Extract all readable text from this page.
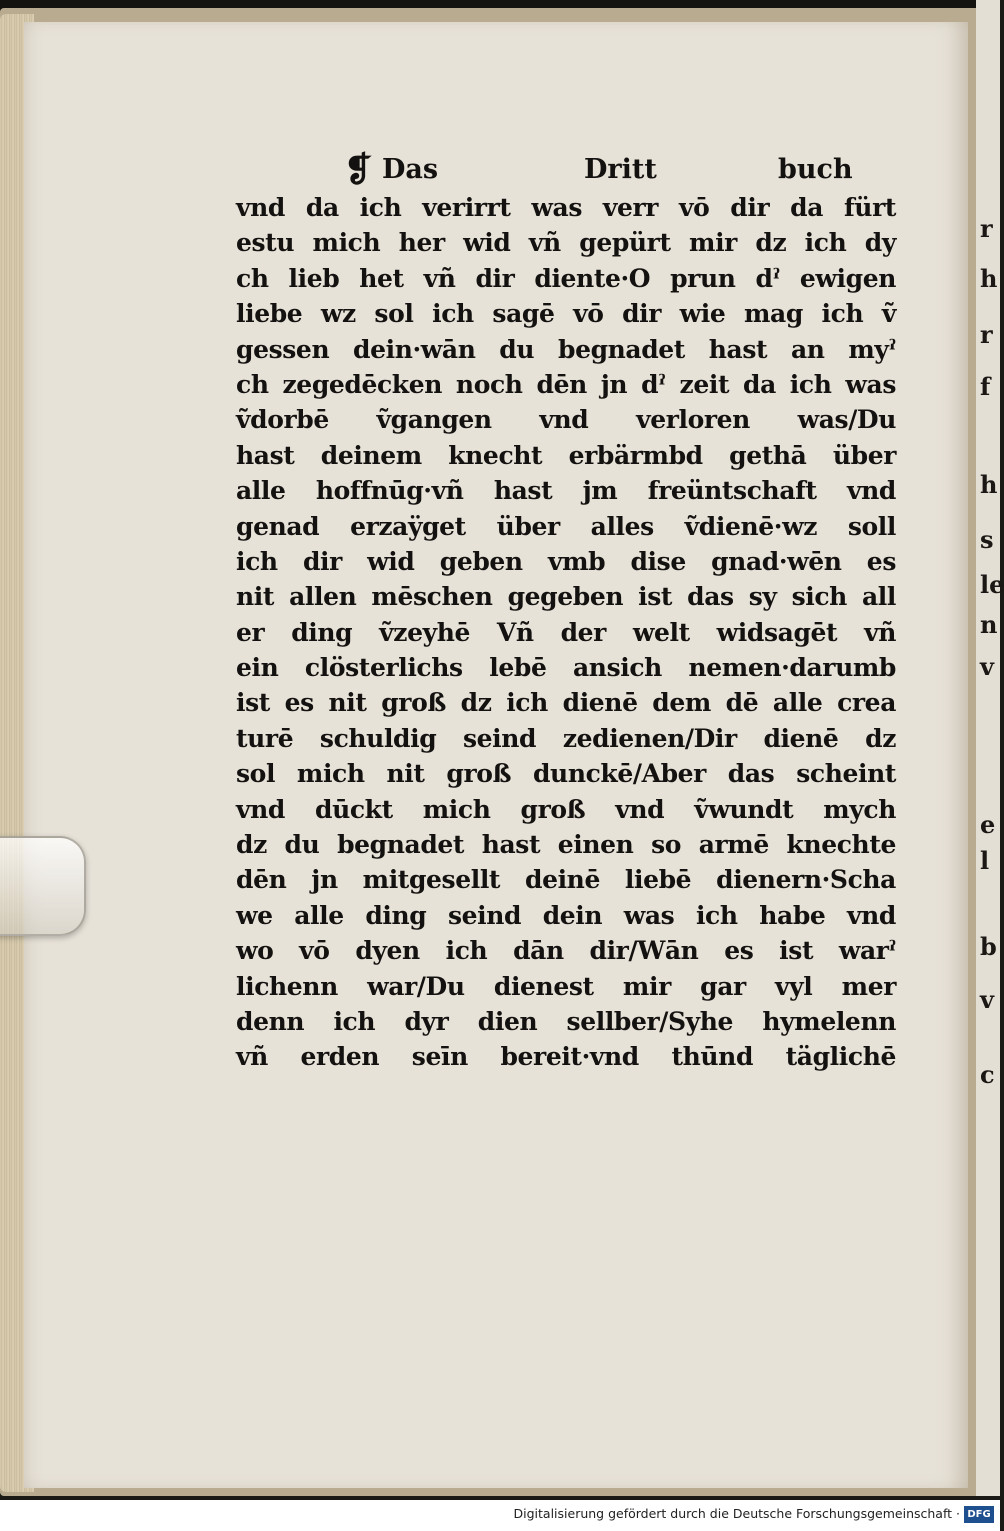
r
h
r
f
h
s
le
n
v
e
l
b
v
c
❡ Das	Dritt	buch
vnd da ich verirrt was verr vō dir da fürt
estu mich her wid vñ gepürt mir dz ich dy
ch lieb het vñ dir diente·O prun dˀ ewigen
liebe wz sol ich sagē vō dir wie mag ich ṽ
gessen dein·wān du begnadet hast an myˀ
ch zegedēcken noch dēn jn dˀ zeit da ich was
ṽdorbē ṽgangen vnd verloren was/Du
hast deinem knecht erbärmbd gethā über
alle hoffnūg·vñ hast jm freüntschaft vnd
genad erzaÿget über alles ṽdienē·wz soll
ich dir wid geben vmb dise gnad·wēn es
nit allen mēschen gegeben ist das sy sich all
er ding ṽzeyhē Vñ der welt widsagēt vñ
ein clösterlichs lebē ansich nemen·darumb
ist es nit groß dz ich dienē dem dē alle crea
turē schuldig seind zedienen/Dir dienē dz
sol mich nit groß dunckē/Aber das scheint
vnd dūckt mich groß vnd ṽwundt mych
dz du begnadet hast einen so armē knechte
dēn jn mitgesellt deinē liebē dienern·Scha
we alle ding seind dein was ich habe vnd
wo vō dyen ich dān dir/Wān es ist warˀ
lichenn war/Du dienest mir gar vyl mer
denn ich dyr dien sellber/Syhe hymelenn
vñ erden seīn bereit·vnd thūnd täglichē
Digitalisierung gefördert durch die Deutsche Forschungsgemeinschaft · DFG
